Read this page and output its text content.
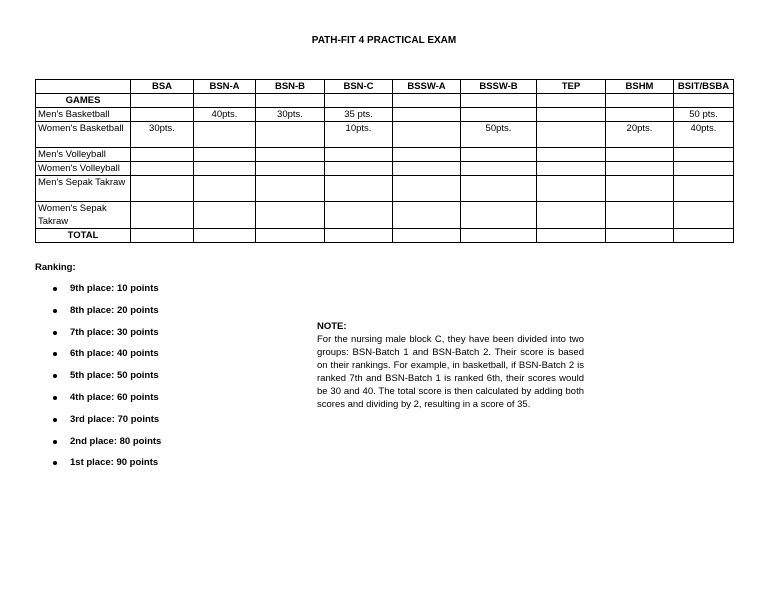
PATH-FIT 4 PRACTICAL EXAM
	BSA	BSN-A	BSN-B	BSN-C	BSSW-A	BSSW-B	TEP	BSHM	BSIT/BSBA
GAMES									
Men's Basketball		40pts.	30pts.	35 pts.					50 pts.
Women's Basketball	30pts.			10pts.		50pts.		20pts.	40pts.
Men's Volleyball									
Women's Volleyball									
Men's Sepak Takraw									
Women's Sepak Takraw									
TOTAL									
Ranking:
9th place: 10 points
8th place: 20 points
7th place: 30 points
6th place: 40 points
5th place: 50 points
4th place: 60 points
3rd place: 70 points
2nd place: 80 points
1st place: 90 points
NOTE:
For the nursing male block C, they have been divided into two groups: BSN-Batch 1 and BSN-Batch 2. Their score is based on their rankings. For example, in basketball, if BSN-Batch 2 is ranked 7th and BSN-Batch 1 is ranked 6th, their scores would be 30 and 40. The total score is then calculated by adding both scores and dividing by 2, resulting in a score of 35.
